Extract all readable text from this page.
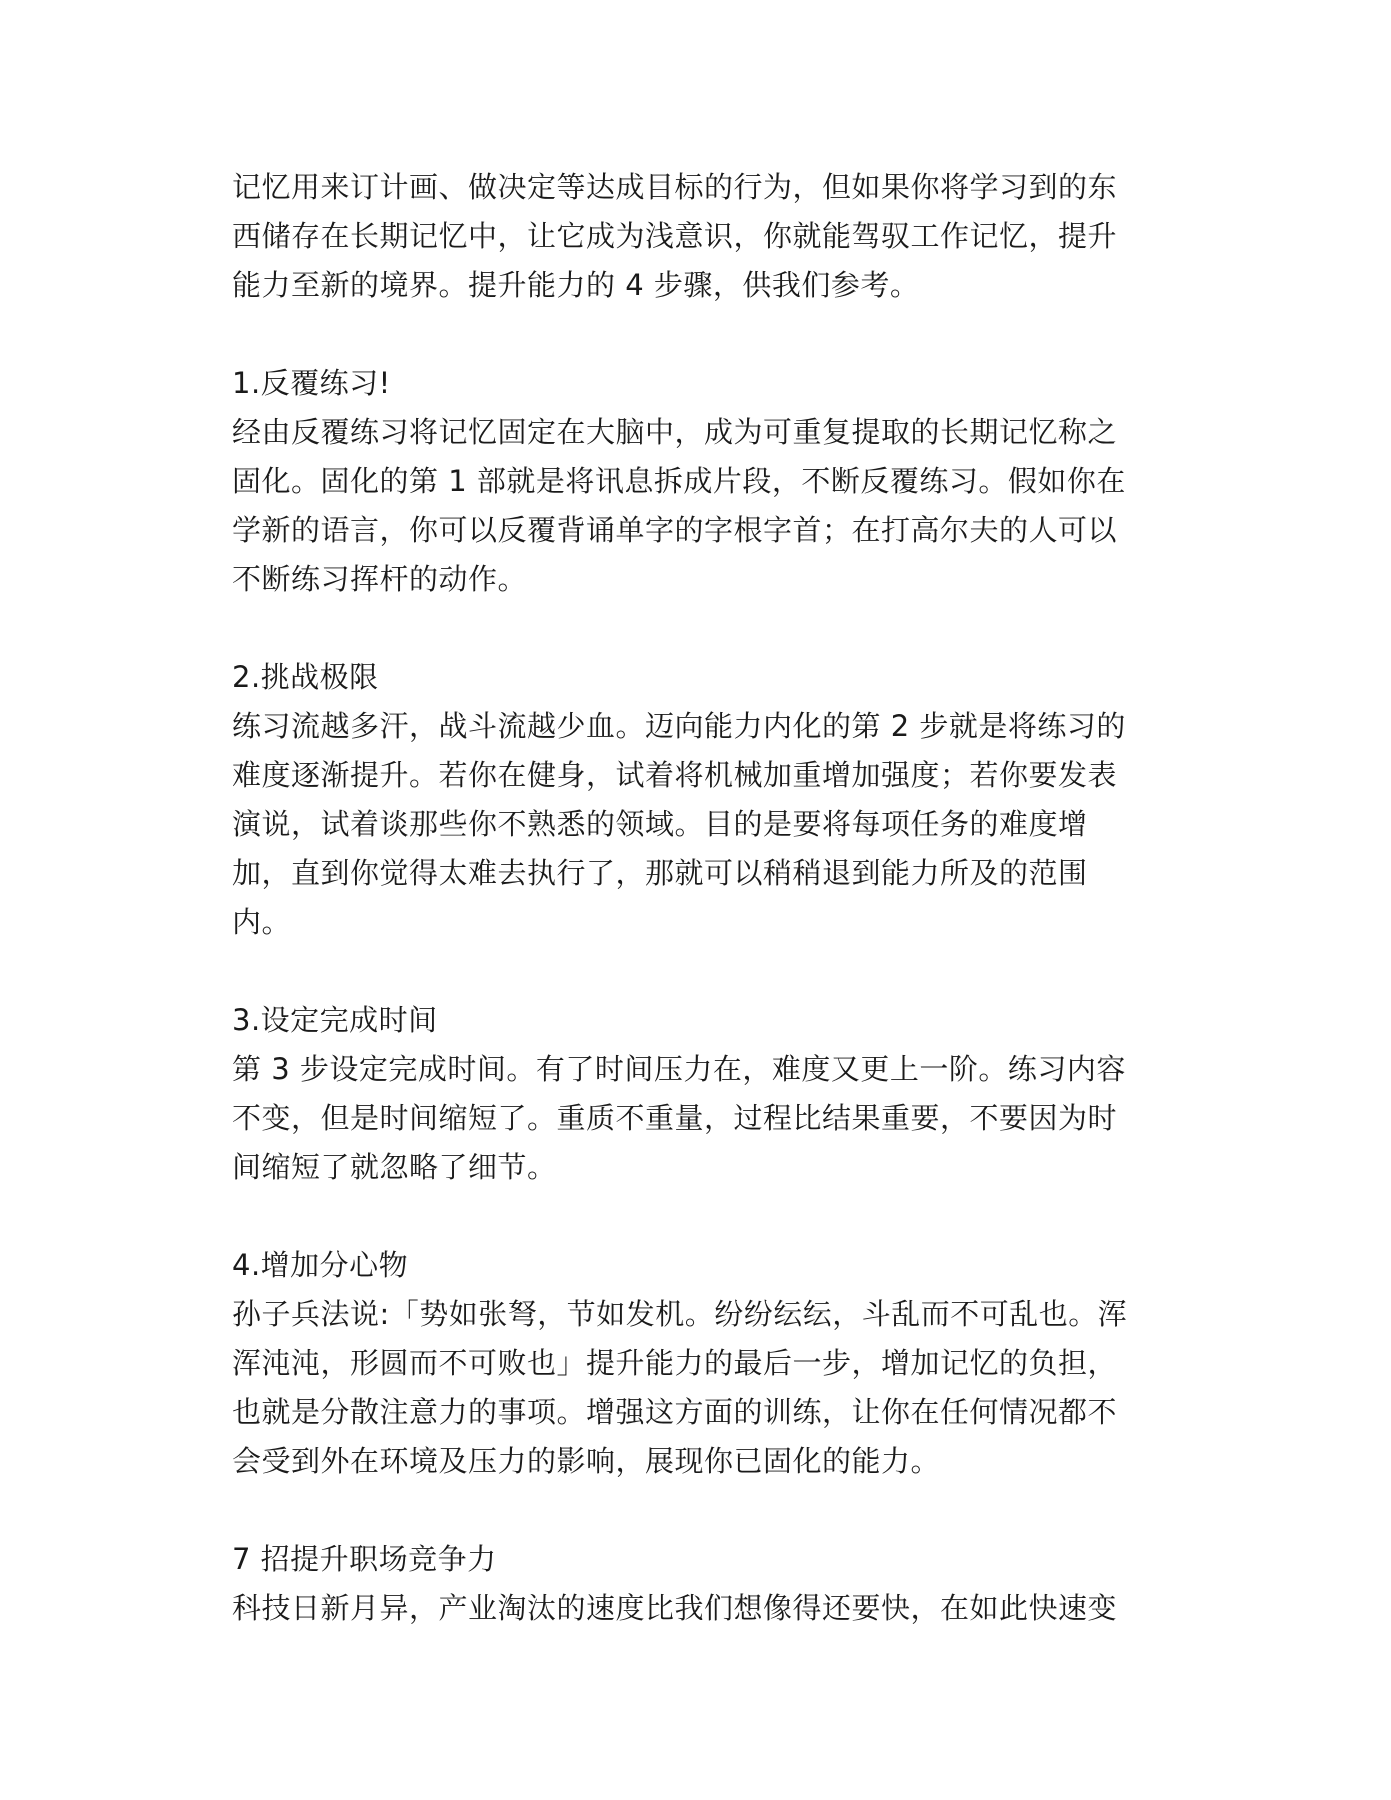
记忆用来订计画、做决定等达成目标的行为，但如果你将学习到的东
西储存在长期记忆中，让它成为浅意识，你就能驾驭工作记忆，提升
能力至新的境界。提升能力的 4 步骤，供我们参考。
1.反覆练习!
经由反覆练习将记忆固定在大脑中，成为可重复提取的长期记忆称之
固化。固化的第 1 部就是将讯息拆成片段，不断反覆练习。假如你在
学新的语言，你可以反覆背诵单字的字根字首；在打高尔夫的人可以
不断练习挥杆的动作。
2.挑战极限
练习流越多汗，战斗流越少血。迈向能力内化的第 2 步就是将练习的
难度逐渐提升。若你在健身，试着将机械加重增加强度；若你要发表
演说，试着谈那些你不熟悉的领域。目的是要将每项任务的难度增
加，直到你觉得太难去执行了，那就可以稍稍退到能力所及的范围
内。
3.设定完成时间
第 3 步设定完成时间。有了时间压力在，难度又更上一阶。练习内容
不变，但是时间缩短了。重质不重量，过程比结果重要，不要因为时
间缩短了就忽略了细节。
4.增加分心物
孙子兵法说:「势如张弩，节如发机。纷纷纭纭，斗乱而不可乱也。浑
浑沌沌，形圆而不可败也」提升能力的最后一步，增加记忆的负担，
也就是分散注意力的事项。增强这方面的训练，让你在任何情况都不
会受到外在环境及压力的影响，展现你已固化的能力。
7 招提升职场竞争力
科技日新月异，产业淘汰的速度比我们想像得还要快，在如此快速变
